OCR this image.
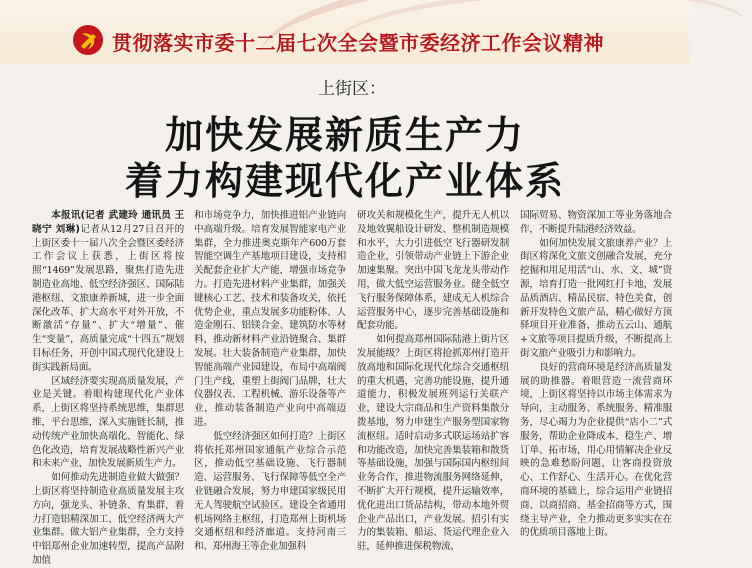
贯彻落实市委十二届七次全会暨市委经济工作会议精神
上街区：
加快发展新质生产力
着力构建现代化产业体系

本报讯(记者 武建玲 通讯员 王晓宁 刘琳)记者从12月27日召开的上街区委十一届八次全会暨区委经济工作会议上获悉，上街区将按照“1469”发展思路，聚焦打造先进制造业高地、低空经济强区、国际陆港枢纽、文旅康养新城，进一步全面深化改革、扩大高水平对外开放，不断激活“存量”、扩大“增量”、催生“变量”，高质量完成“十四五”规划目标任务，开创中国式现代化建设上街实践新局面。

区域经济要实现高质量发展，产业是关键。着眼构建现代化产业体系，上街区将坚持系统思维，集群思维，平台思维，深入实施链长制，推动传统产业加快高端化、智能化、绿色化改造，培育发展战略性新兴产业和未来产业，加快发展新质生产力。

如何推动先进制造业做大做强？上街区将坚持制造业高质量发展主攻方向，强龙头、补链条、育集群，着力打造铝精深加工、低空经济两大产业集群。做大铝产业集群，全力支持中铝郑州企业加速转型，提高产品附加值

和市场竞争力，加快推进铝产业链向中高端升级。培育发展智能家电产业集群，全力推进奥克斯年产600万套智能空调生产基地项目建设，支持相关配套企业扩大产能，增强市场竞争力。打造先进材料产业集群，加强关键核心工艺、技术和装备攻关，依托优势企业，重点发展多功能粉体、人造金刚石、铝镁合金、建筑防水等材料，推动新材料产业沿链聚合、集群发展。壮大装备制造产业集群，加快智能高端产业园建设，布局中高端阀门生产线，重塑上街阀门品牌，壮大仪器仪表、工程机械、游乐设备等产业，推动装备制造产业向中高端迈进。

低空经济强区如何打造？上街区将依托郑州国家通航产业综合示范区，推动低空基础设施、飞行器制造、运营服务、飞行保障等低空全产业链融合发展，努力申建国家级民用无人驾驶航空试验区。建设全省通用机场网络主枢纽，打造郑州上街机场交通枢纽和经济廊道。支持河南三和、郑州海王等企业加强科

研攻关和规模化生产，提升无人机以及地效翼船设计研发、整机制造规模和水平，大力引进低空飞行器研发制造企业，引领带动产业链上下游企业加速集聚。突出中国飞龙龙头带动作用，做大低空运营服务业。健全低空飞行服务保障体系，建成无人机综合运营服务中心，逐步完善基础设施和配套功能。

如何提高郑州国际陆港上街片区发展能级？上街区将抢抓郑州打造开放高地和国际化现代化综合交通枢纽的重大机遇，完善功能设施，提升通道能力，积极发展班列运行关联产业，建设大宗商品和生产资料集散分拨基地，努力申建生产服务型国家物流枢纽。适时启动多式联运场站扩容和功能改造，加快完善集装箱和散货等基础设施，加强与国际国内枢纽间业务合作，推进物流服务网络延伸，不断扩大开行规模，提升运输效率，优化进出口货品结构，带动本地外贸企业产品出口，产业发展。招引有实力的集装箱、船运、货运代理企业入驻，延伸推进保税物流、

国际贸易、物资深加工等业务落地合作，不断提升陆港经济效益。

如何加快发展文旅康养产业？上街区将深化文旅文创融合发展，充分挖掘和用足用活“山、水、文、城”资源，培育打造一批网红打卡地，发展品质酒店、精品民宿、特色美食，创新开发特色文旅产品，精心做好方顶驿项目开业准备，推动五云山、通航+文旅等项目提质升级，不断提高上街文旅产业吸引力和影响力。

良好的营商环境是经济高质量发展的助推器。着眼营造一流营商环境，上街区将坚持以市场主体需求为导向，主动服务、系统服务、精准服务，尽心竭力为企业提供“店小二”式服务，帮助企业降成本、稳生产、增订单、拓市场，用心用情解决企业反映的急难愁盼问题，让客商投资放心、工作舒心、生活开心。在优化营商环境的基础上，综合运用产业链招商、以商招商、基金招商等方式，围绕主导产业，全力推动更多实实在在的优质项目落地上街。
